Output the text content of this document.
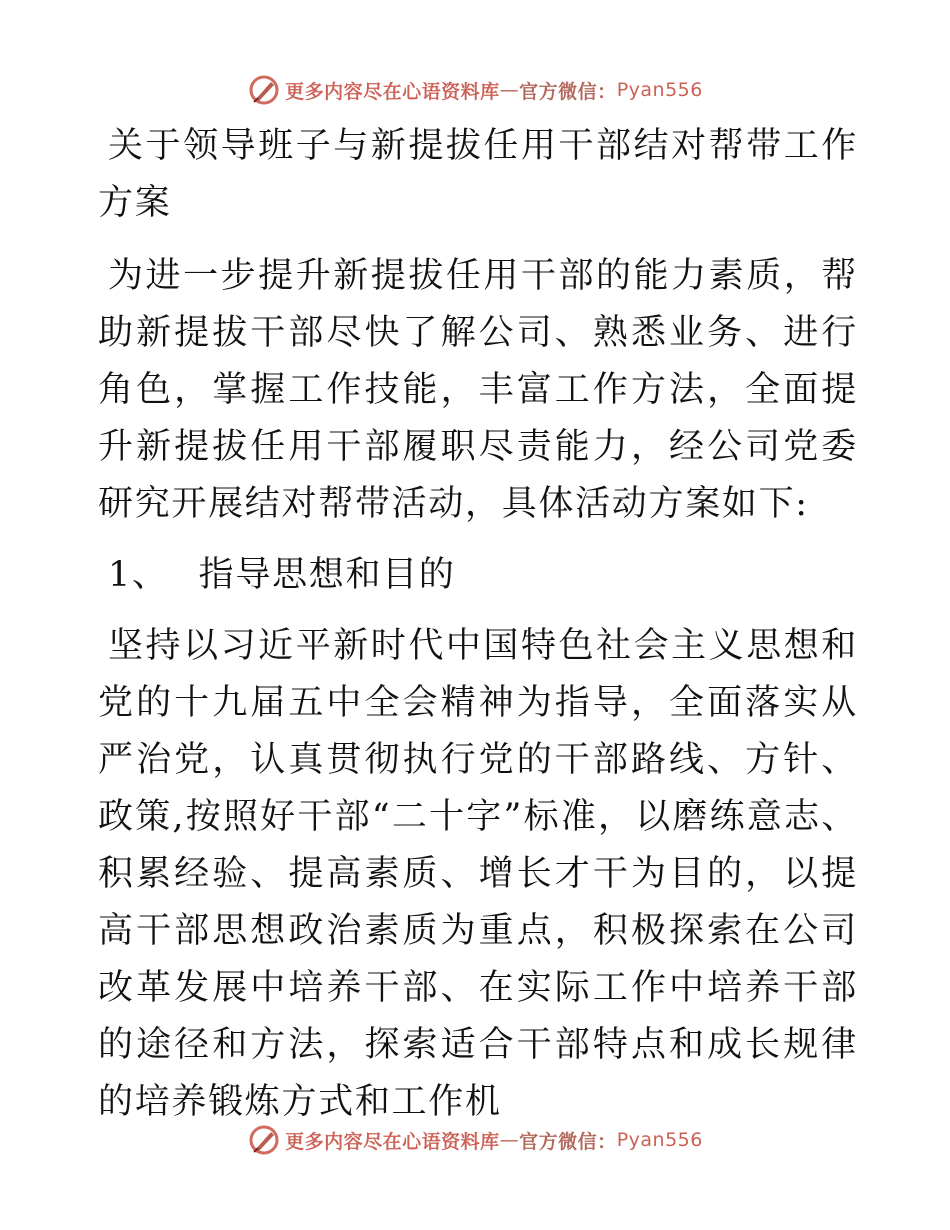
更多内容尽在心语资料库 — 官方微信： Pyan556

关于领导班子与新提拔任用干部结对帮带工作方案

为进一步提升新提拔任用干部的能力素质，帮助新提拔干部尽快了解公司、熟悉业务、进行角色，掌握工作技能，丰富工作方法，全面提升新提拔任用干部履职尽责能力，经公司党委研究开展结对帮带活动，具体活动方案如下:

1、 指导思想和目的

坚持以习近平新时代中国特色社会主义思想和党的十九届五中全会精神为指导，全面落实从严治党，认真贯彻执行党的干部路线、方针、政策,按照好干部“二十字”标准，以磨练意志、积累经验、提高素质、增长才干为目的，以提高干部思想政治素质为重点，积极探索在公司改革发展中培养干部、在实际工作中培养干部的途径和方法，探索适合干部特点和成长规律的培养锻炼方式和工作机

更多内容尽在心语资料库 — 官方微信： Pyan556
